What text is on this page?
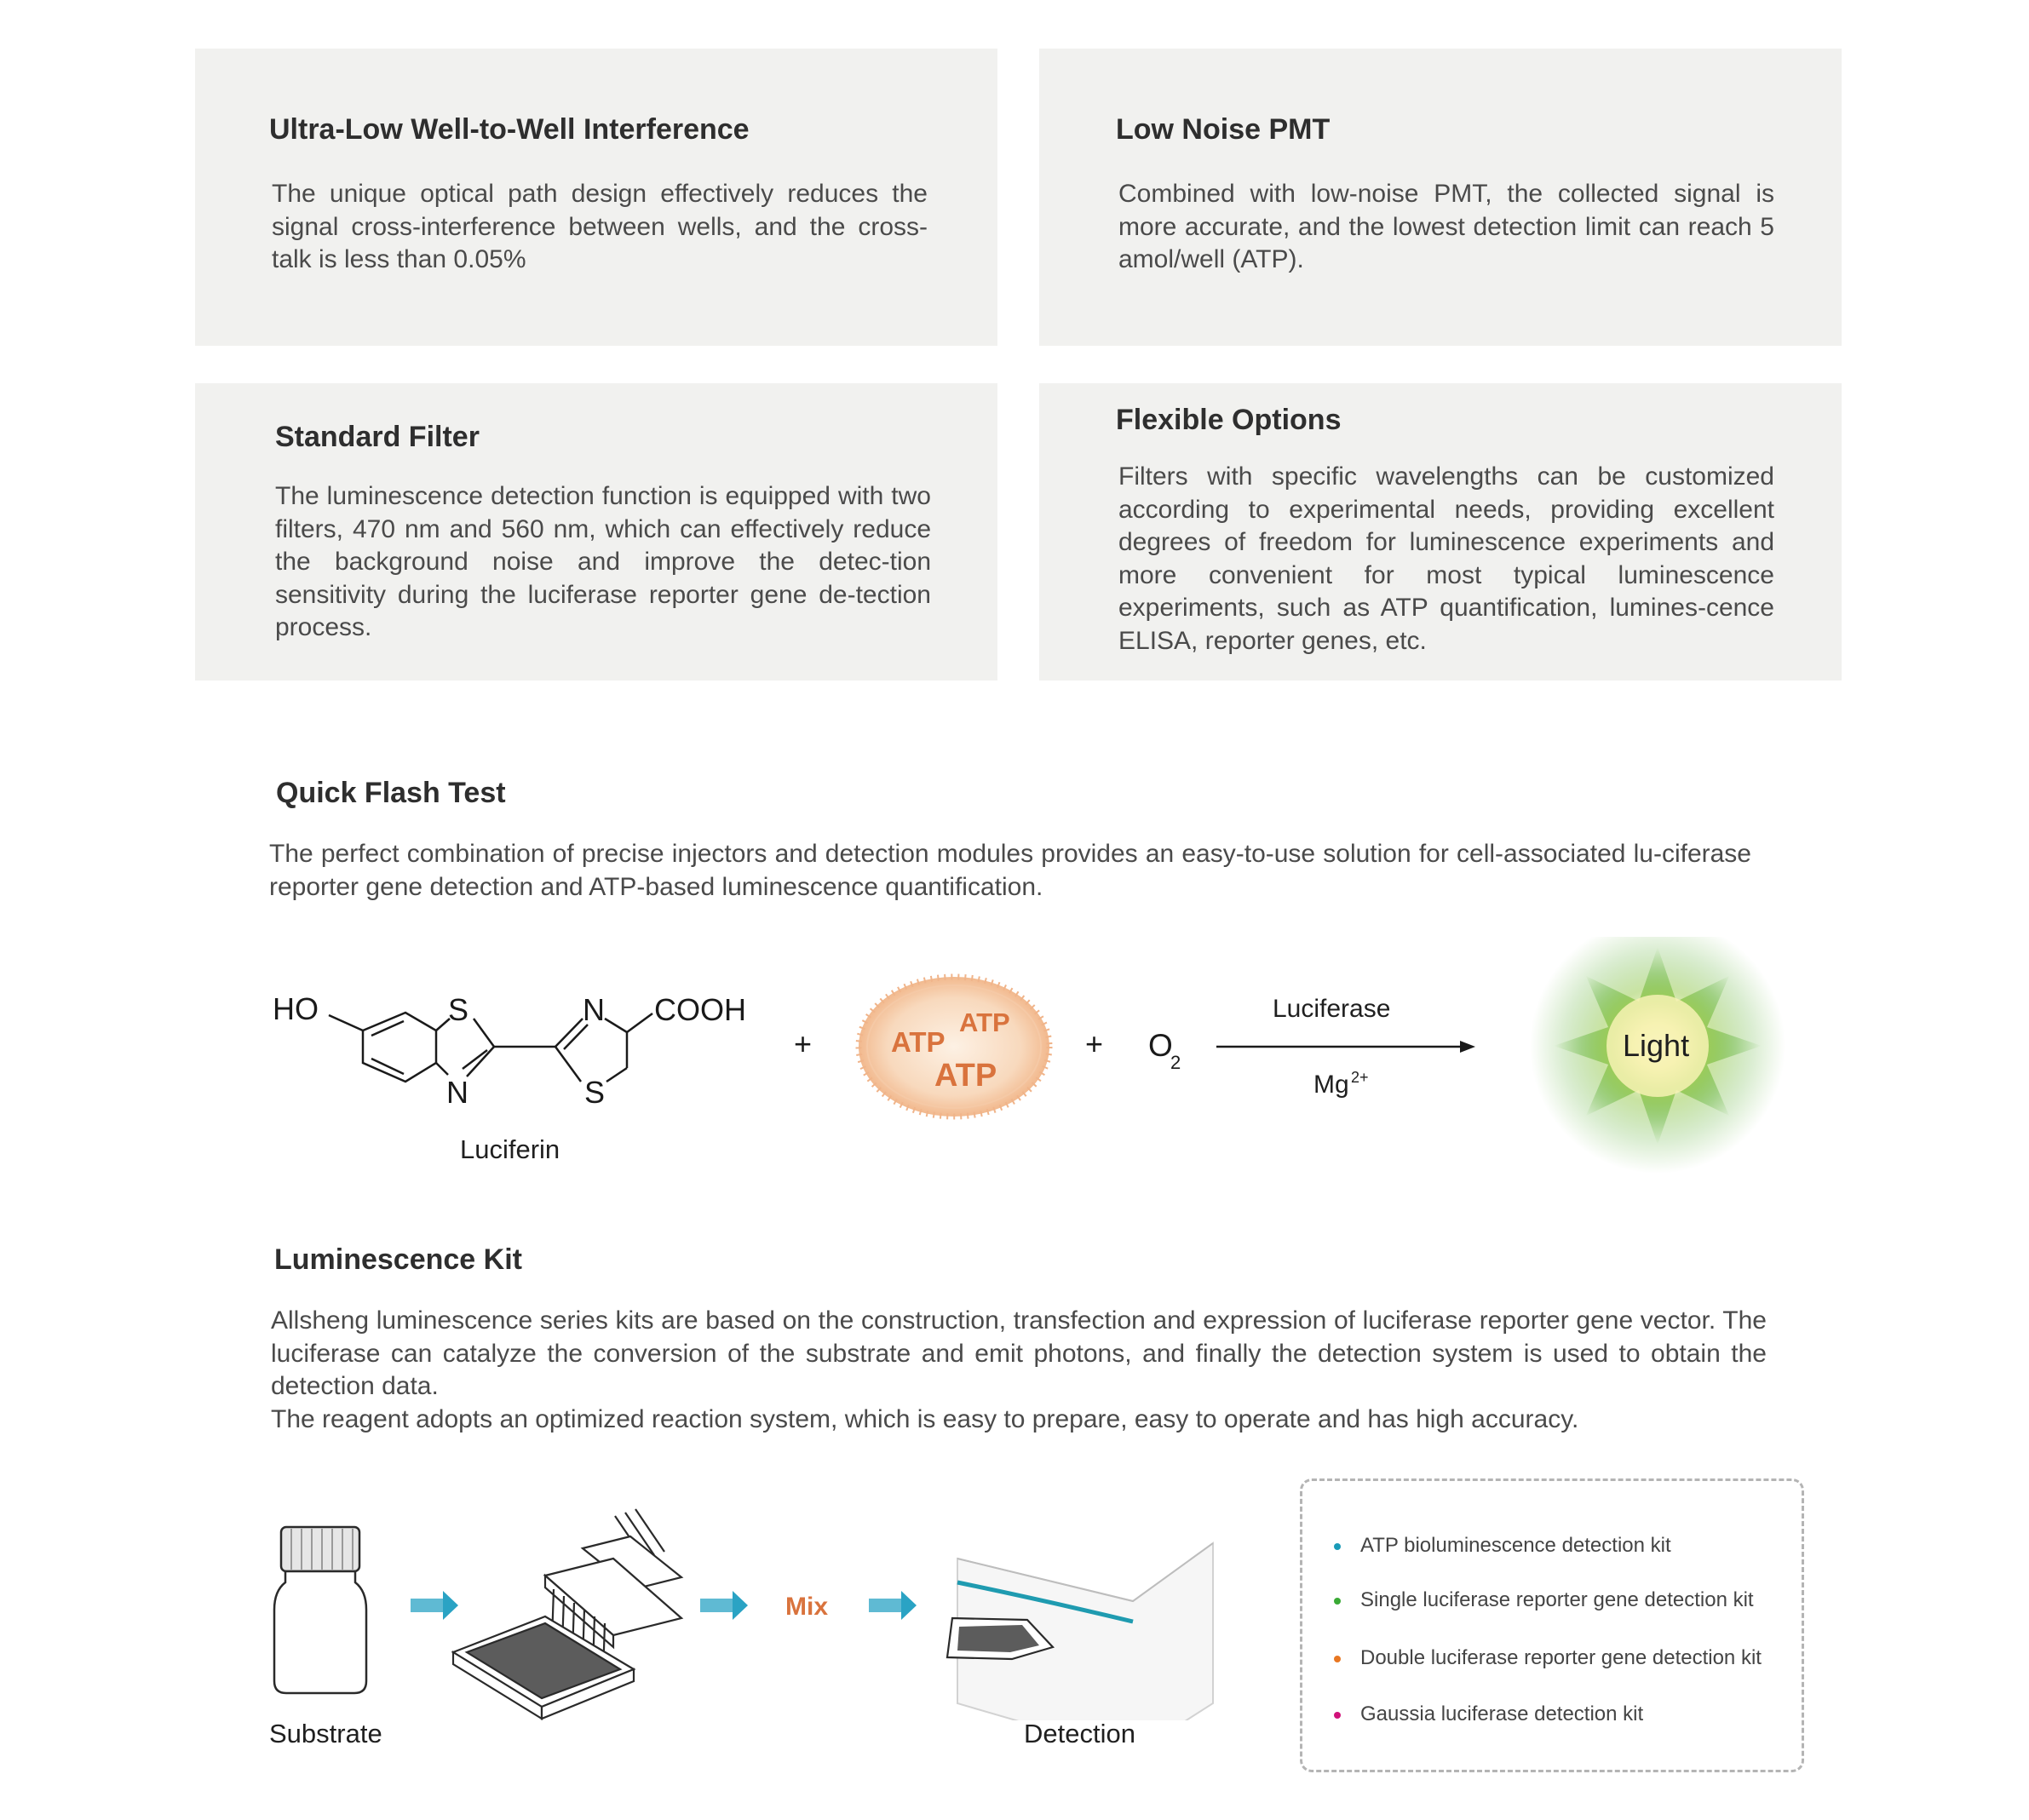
Ultra-Low Well-to-Well Interference

The unique optical path design effectively reduces the signal cross-interference between wells, and the cross-talk is less than 0.05%

Low Noise PMT

Combined with low-noise PMT, the collected signal is more accurate, and the lowest detection limit can reach 5 amol/well (ATP).

Standard Filter

The luminescence detection function is equipped with two filters, 470 nm and 560 nm, which can effectively reduce the background noise and improve the detec-tion sensitivity during the luciferase reporter gene de-tection process.

Flexible Options

Filters with specific wavelengths can be customized according to experimental needs, providing excellent degrees of freedom for luminescence experiments and more convenient for most typical luminescence experiments, such as ATP quantification, lumines-cence ELISA, reporter genes, etc.

Quick Flash Test

The perfect combination of precise injectors and detection modules provides an easy-to-use solution for cell-associated lu-ciferase reporter gene detection and ATP-based luminescence quantification.

HO	S
N
N
S
COOH
Luciferin
+	ATP
ATP
ATP
+ O
2
Luciferase
Mg 2+
Light
Luminescence Kit
Allsheng luminescence series kits are based on the construction, transfection and expression of luciferase reporter gene vector. The luciferase can catalyze the conversion of the substrate and emit photons, and finally the detection system is used to obtain the detection data.
The reagent adopts an optimized reaction system, which is easy to prepare, easy to operate and has high accuracy.
Mix
Substrate	Detection
ATP bioluminescence detection kit
Single luciferase reporter gene detection kit
Double luciferase reporter gene detection kit
Gaussia luciferase detection kit
